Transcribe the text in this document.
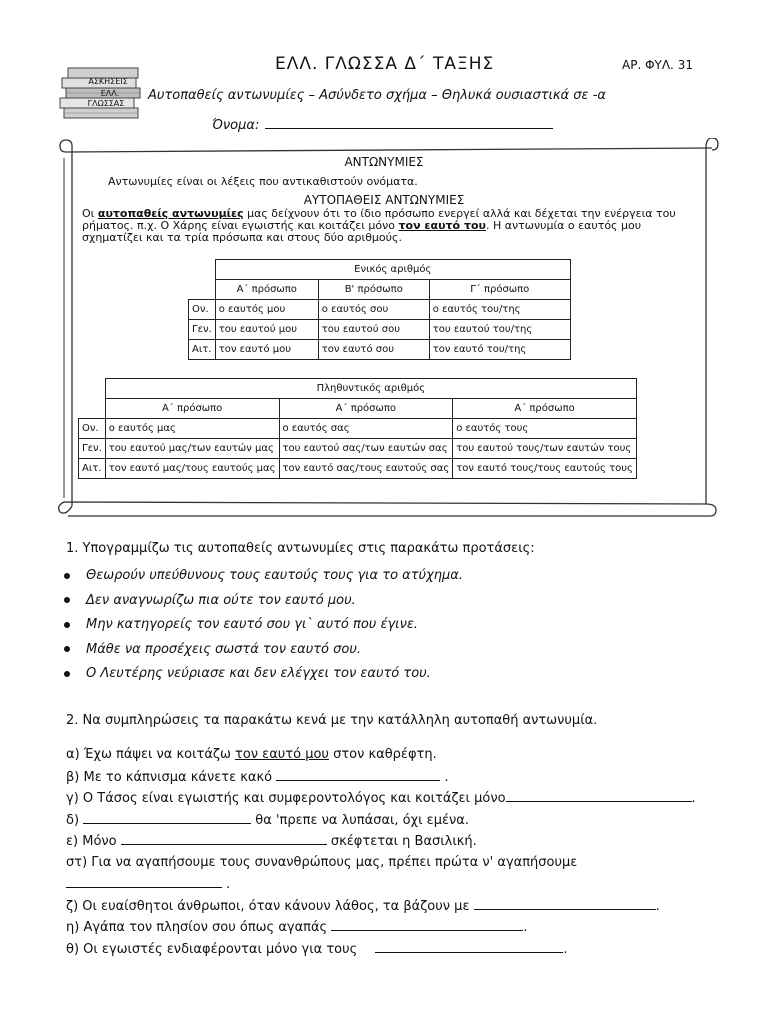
ΕΛΛ. ΓΛΩΣΣΑ Δ΄ ΤΑΞΗΣ	ΑΡ. ΦΥΛ. 31
Αυτοπαθείς αντωνυμίες – Ασύνδετο σχήμα – Θηλυκά ουσιαστικά σε -α
Όνομα:
ΑΣΚΗΣΕΙΣ
ΕΛΛ.
ΓΛΩΣΣΑΣ
ΑΝΤΩΝΥΜΙΕΣ
Αντωνυμίες είναι οι λέξεις που αντικαθιστούν ονόματα.
ΑΥΤΟΠΑΘΕΙΣ ΑΝΤΩΝΥΜΙΕΣ
Οι αυτοπαθείς αντωνυμίες μας δείχνουν ότι το ίδιο πρόσωπο ενεργεί αλλά και δέχεται την ενέργεια του ρήματος. π.χ. Ο Χάρης είναι εγωιστής και κοιτάζει μόνο τον εαυτό του. Η αντωνυμία ο εαυτός μου σχηματίζει και τα τρία πρόσωπα και στους δύο αριθμούς.
	Ενικός αριθμός		
	Α΄ πρόσωπο	Β' πρόσωπο	Γ΄ πρόσωπο
Ον.	ο εαυτός μου	ο εαυτός σου	ο εαυτός του/της
Γεν.	του εαυτού μου	του εαυτού σου	του εαυτού του/της
Αιτ.	τον εαυτό μου	τον εαυτό σου	τον εαυτό του/της
	Πληθυντικός αριθμός		
	Α΄ πρόσωπο	Α΄ πρόσωπο	Α΄ πρόσωπο
Ον.	ο εαυτός μας	ο εαυτός σας	ο εαυτός τους
Γεν.	του εαυτού μας/των εαυτών μας	του εαυτού σας/των εαυτών σας	του εαυτού τους/των εαυτών τους
Αιτ.	τον εαυτό μας/τους εαυτούς μας	τον εαυτό σας/τους εαυτούς σας	τον εαυτό τους/τους εαυτούς τους
1. Υπογραμμίζω τις αυτοπαθείς αντωνυμίες στις παρακάτω προτάσεις:
Θεωρούν υπεύθυνους τους εαυτούς τους για το ατύχημα.
Δεν αναγνωρίζω πια ούτε τον εαυτό μου.
Μην κατηγορείς τον εαυτό σου γι` αυτό που έγινε.
Μάθε να προσέχεις σωστά τον εαυτό σου.
Ο Λευτέρης νεύριασε και δεν ελέγχει τον εαυτό του.
2. Να συμπληρώσεις τα παρακάτω κενά με την κατάλληλη αυτοπαθή αντωνυμία.
α) Έχω πάψει να κοιτάζω τον εαυτό μου στον καθρέφτη.
β) Με το κάπνισμα κάνετε κακό	.
γ) Ο Τάσος είναι εγωιστής και συμφεροντολόγος και κοιτάζει μόνο	.
δ)	θα 'πρεπε να λυπάσαι, όχι εμένα.
ε) Μόνο	σκέφτεται η Βασιλική.
στ) Για να αγαπήσουμε τους συνανθρώπους μας, πρέπει πρώτα ν' αγαπήσουμε
.
ζ) Οι ευαίσθητοι άνθρωποι, όταν κάνουν λάθος, τα βάζουν με	.
η) Αγάπα τον πλησίον σου όπως αγαπάς	.
θ) Οι εγωιστές ενδιαφέρονται μόνο για τους	.
